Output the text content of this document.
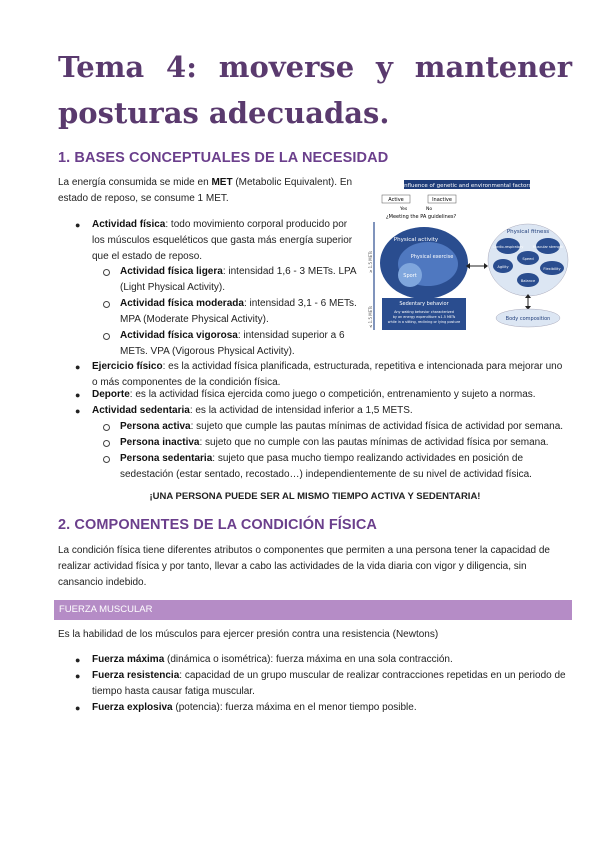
Tema 4: moverse y mantener
posturas adecuadas.
1. BASES CONCEPTUALES DE LA NECESIDAD

La energía consumida se mide en MET (Metabolic Equivalent). En
estado de reposo, se consume 1 MET.

● Actividad física: todo movimiento corporal producido por
los músculos esqueléticos que gasta más energía superior
que el estado de reposo.
Actividad física ligera: intensidad 1,6 - 3 METs. LPA
(Light Physical Activity).
Actividad física moderada: intensidad 3,1 - 6 METs.
MPA (Moderate Physical Activity).
Actividad física vigorosa: intensidad superior a 6
METs. VPA (Vigorous Physical Activity).
Influence of genetic and environmental factors
Active	Inactive
Yes	No
¿Meeting the PA guidelines?
≥ 1.5 METs
≤ 1.5 METs
Physical activity
Physical exercise
Sport
Sedentary behavior
Any waking behavior characterized
by an energy expenditure ≤1.5 METs
while in a sitting, reclining or lying posture
Physical fitness
Cardio-respiratory	Muscular strength
Agility
Speed
Flexibility
Balance
Body composition
● Ejercicio físico: es la actividad física planificada, estructurada, repetitiva e intencionada para mejorar uno
o más componentes de la condición física.
● Deporte: es la actividad física ejercida como juego o competición, entrenamiento y sujeto a normas.
● Actividad sedentaria: es la actividad de intensidad inferior a 1,5 METS.
Persona activa: sujeto que cumple las pautas mínimas de actividad física de actividad por semana.
Persona inactiva: sujeto que no cumple con las pautas mínimas de actividad física por semana.
Persona sedentaria: sujeto que pasa mucho tiempo realizando actividades en posición de
sedestación (estar sentado, recostado…) independientemente de su nivel de actividad física.
¡UNA PERSONA PUEDE SER AL MISMO TIEMPO ACTIVA Y SEDENTARIA!
2. COMPONENTES DE LA CONDICIÓN FÍSICA

La condición física tiene diferentes atributos o componentes que permiten a una persona tener la capacidad de
realizar actividad física y por tanto, llevar a cabo las actividades de la vida diaria con vigor y diligencia, sin
cansancio indebido.

FUERZA MUSCULAR

Es la habilidad de los músculos para ejercer presión contra una resistencia (Newtons)

● Fuerza máxima (dinámica o isométrica): fuerza máxima en una sola contracción.
● Fuerza resistencia: capacidad de un grupo muscular de realizar contracciones repetidas en un periodo de
tiempo hasta causar fatiga muscular.
● Fuerza explosiva (potencia): fuerza máxima en el menor tiempo posible.
